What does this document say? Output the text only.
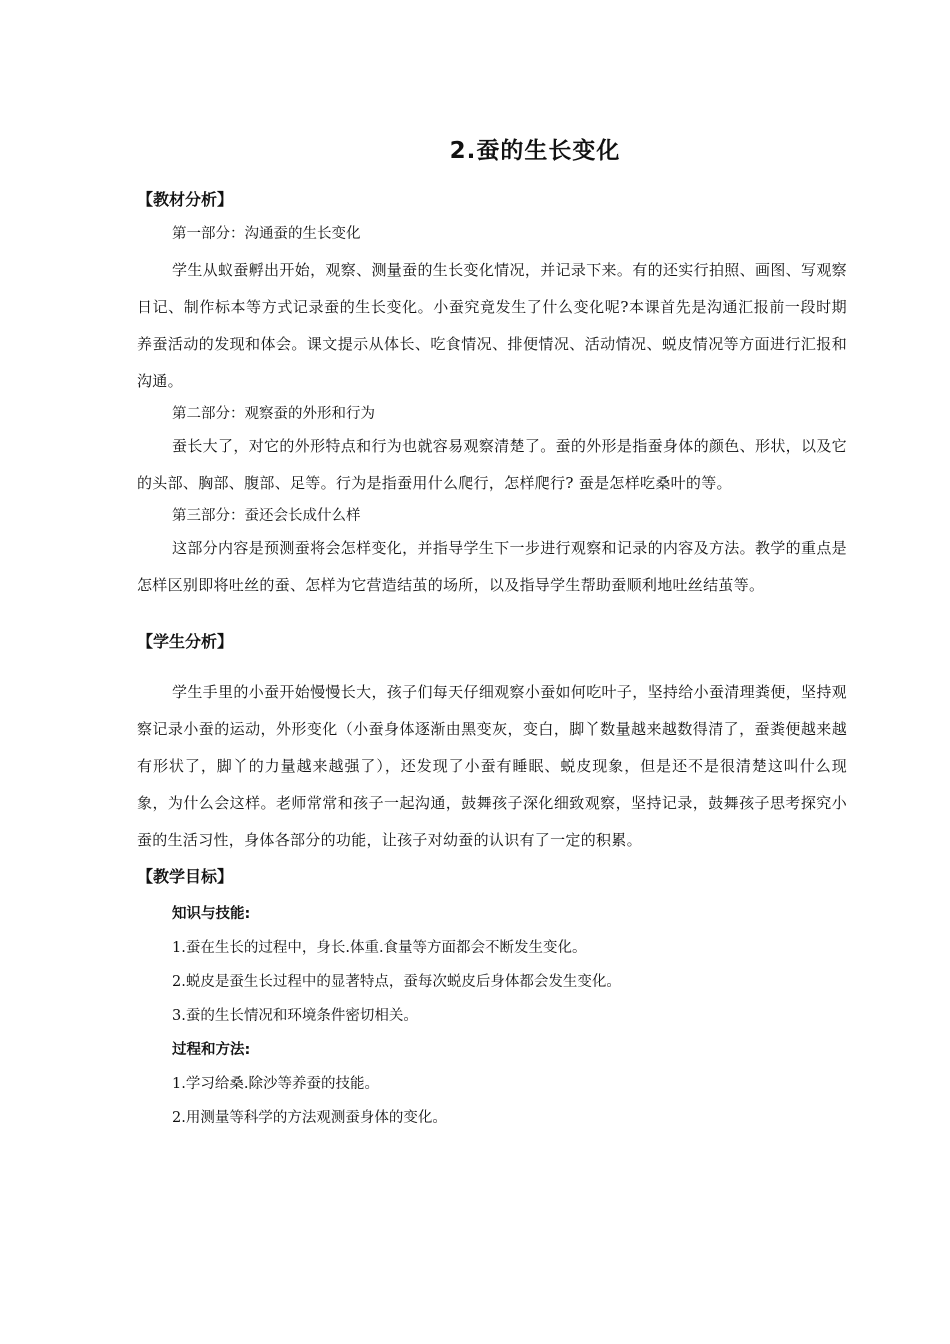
2.蚕的生长变化

【教材分析】

第一部分：沟通蚕的生长变化

学生从蚁蚕孵出开始，观察、测量蚕的生长变化情况，并记录下来。有的还实行拍照、画图、写观察日记、制作标本等方式记录蚕的生长变化。小蚕究竟发生了什么变化呢?本课首先是沟通汇报前一段时期养蚕活动的发现和体会。课文提示从体长、吃食情况、排便情况、活动情况、蜕皮情况等方面进行汇报和沟通。

第二部分：观察蚕的外形和行为

蚕长大了，对它的外形特点和行为也就容易观察清楚了。蚕的外形是指蚕身体的颜色、形状，以及它的头部、胸部、腹部、足等。行为是指蚕用什么爬行，怎样爬行? 蚕是怎样吃桑叶的等。

第三部分：蚕还会长成什么样

这部分内容是预测蚕将会怎样变化，并指导学生下一步进行观察和记录的内容及方法。教学的重点是怎样区别即将吐丝的蚕、怎样为它营造结茧的场所，以及指导学生帮助蚕顺利地吐丝结茧等。

【学生分析】

学生手里的小蚕开始慢慢长大，孩子们每天仔细观察小蚕如何吃叶子，坚持给小蚕清理粪便，坚持观察记录小蚕的运动，外形变化（小蚕身体逐渐由黑变灰，变白，脚丫数量越来越数得清了，蚕粪便越来越有形状了，脚丫的力量越来越强了），还发现了小蚕有睡眠、蜕皮现象，但是还不是很清楚这叫什么现象，为什么会这样。老师常常和孩子一起沟通，鼓舞孩子深化细致观察，坚持记录，鼓舞孩子思考探究小蚕的生活习性，身体各部分的功能，让孩子对幼蚕的认识有了一定的积累。

【教学目标】

知识与技能:

1.蚕在生长的过程中，身长.体重.食量等方面都会不断发生变化。

2.蜕皮是蚕生长过程中的显著特点，蚕每次蜕皮后身体都会发生变化。

3.蚕的生长情况和环境条件密切相关。

过程和方法:

1.学习给桑.除沙等养蚕的技能。

2.用测量等科学的方法观测蚕身体的变化。
